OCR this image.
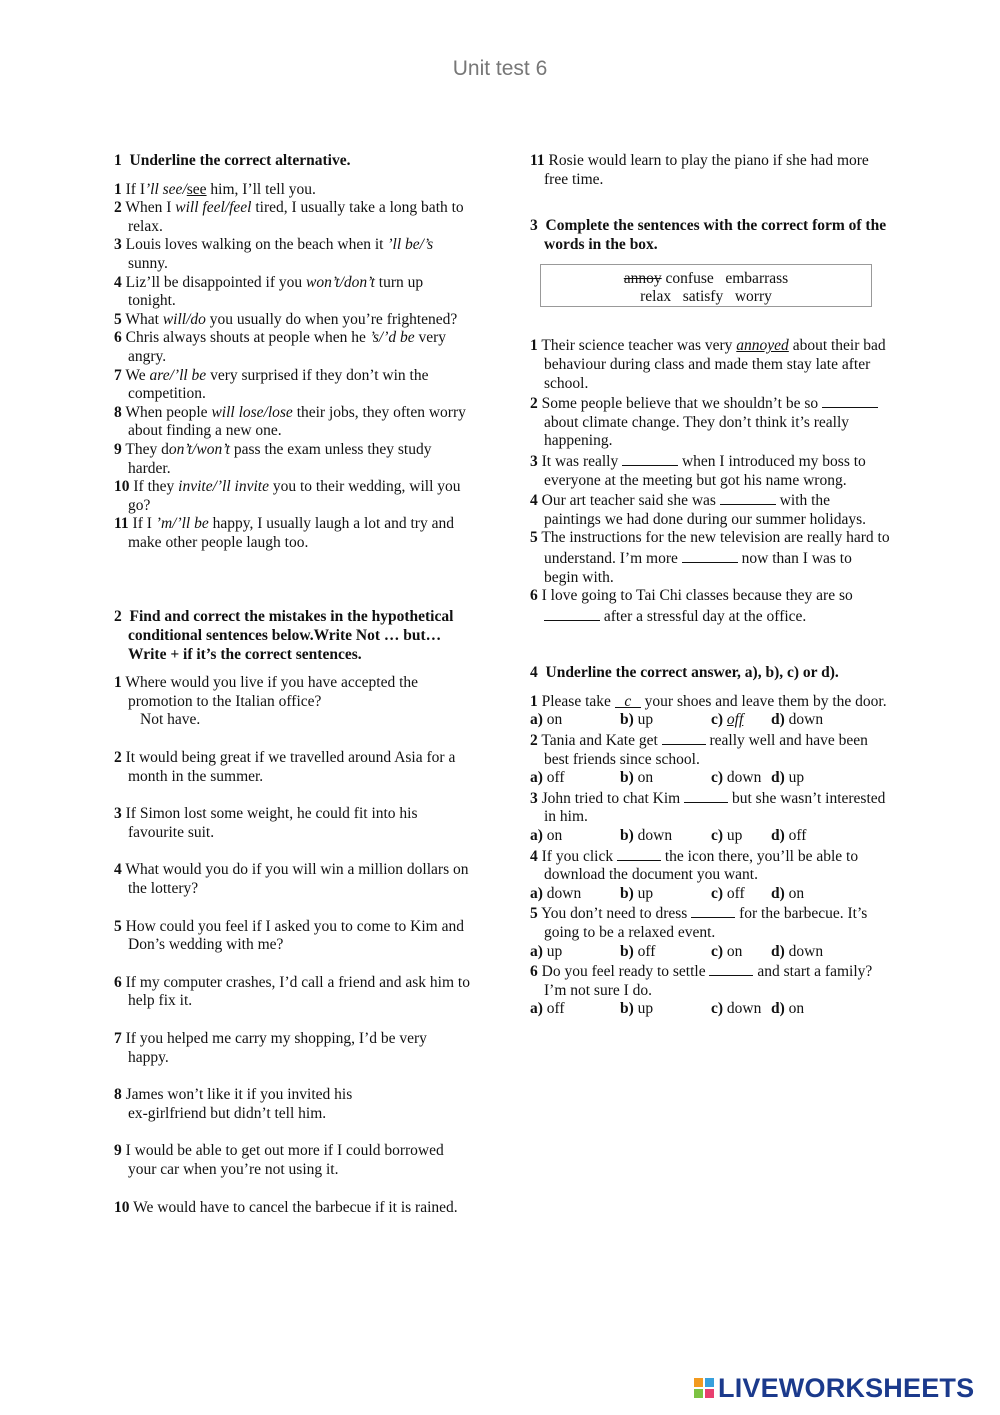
Unit test 6
1 Underline the correct alternative.
1 If I’ll see/see him, I’ll tell you.
2 When I will feel/feel tired, I usually take a long bath to relax.
3 Louis loves walking on the beach when it ’ll be/’s sunny.
4 Liz’ll be disappointed if you won’t/don’t turn up tonight.
5 What will/do you usually do when you’re frightened?
6 Chris always shouts at people when he ’s/’d be very angry.
7 We are/’ll be very surprised if they don’t win the competition.
8 When people will lose/lose their jobs, they often worry about finding a new one.
9 They don’t/won’t pass the exam unless they study harder.
10 If they invite/’ll invite you to their wedding, will you go?
11 If I ’m/’ll be happy, I usually laugh a lot and try and make other people laugh too.
2 Find and correct the mistakes in the hypothetical conditional sentences below.Write Not … but… Write + if it’s the correct sentences.
1 Where would you live if you have accepted the promotion to the Italian office?
Not have.
2 It would being great if we travelled around Asia for a month in the summer.
3 If Simon lost some weight, he could fit into his favourite suit.
4 What would you do if you will win a million dollars on the lottery?
5 How could you feel if I asked you to come to Kim and Don’s wedding with me?
6 If my computer crashes, I’d call a friend and ask him to help fix it.
7 If you helped me carry my shopping, I’d be very happy.
8 James won’t like it if you invited his
ex-girlfriend but didn’t tell him.
9 I would be able to get out more if I could borrowed your car when you’re not using it.
10 We would have to cancel the barbecue if it is rained.
11 Rosie would learn to play the piano if she had more free time.
3 Complete the sentences with the correct form of the words in the box.
annoy confuse   embarrass
relax   satisfy   worry
1 Their science teacher was very annoyed about their bad behaviour during class and made them stay late after school.
2 Some people believe that we shouldn’t be so  about climate change. They don’t think it’s really happening.
3 It was really	when I introduced my boss to everyone at the meeting but got his name wrong.
4 Our art teacher said she was	with the paintings we had done during our summer holidays.
5 The instructions for the new television are really hard to understand. I’m more	now than I was to begin with.
6 I love going to Tai Chi classes because they are so  after a stressful day at the office.
4 Underline the correct answer, a), b), c) or d).
1 Please take c your shoes and leave them by the door.
a) on	b) up	c) off	d) down
2 Tania and Kate get	really well and have been best friends since school.
a) off	b) on	c) down d) up
3 John tried to chat Kim	but she wasn’t interested in him.
a) on	b) down	c) up	d) off
4 If you click	the icon there, you’ll be able to download the document you want.
a) down	b) up	c) off	d) on
5 You don’t need to dress	for the barbecue. It’s going to be a relaxed event.
a) up	b) off	c) on	d) down
6 Do you feel ready to settle	and start a family? I’m not sure I do.
a) off	b) up	c) down d) on
LIVEWORKSHEETS
